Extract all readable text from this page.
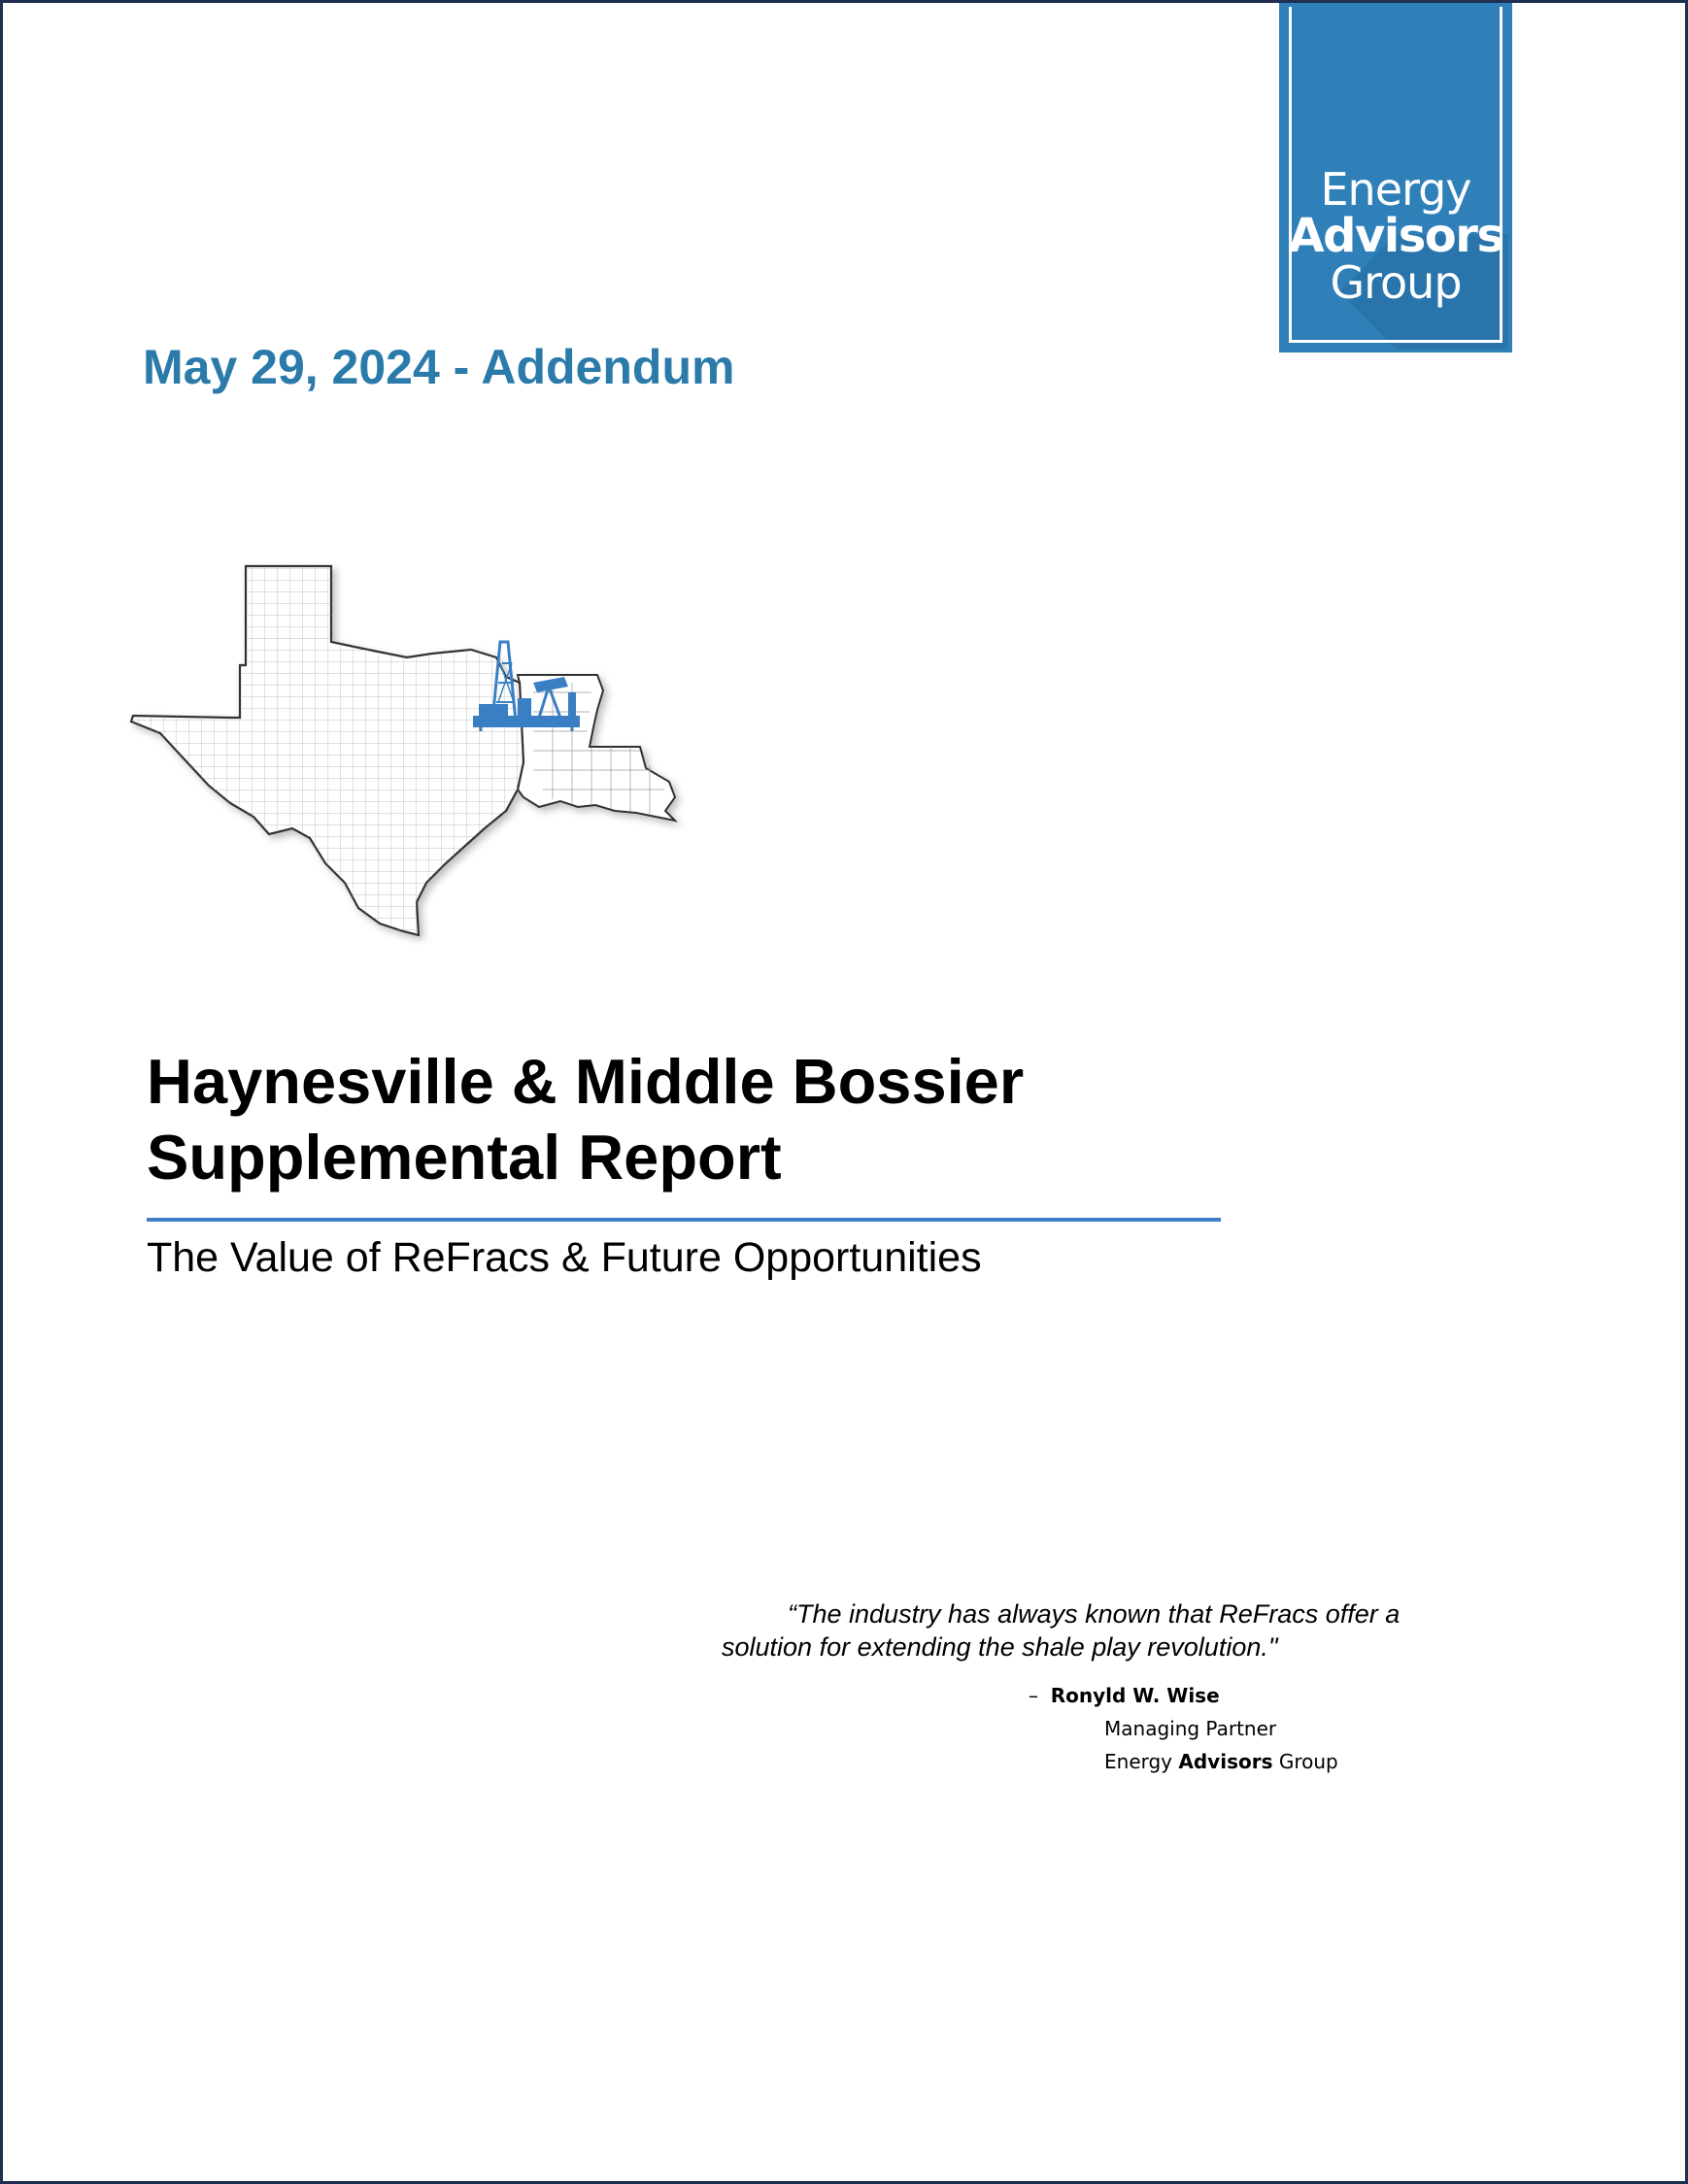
Energy
Advisors
Group
May 29, 2024 - Addendum
Haynesville & Middle Bossier
Supplemental Report
The Value of ReFracs & Future Opportunities
“The industry has always known that ReFracs offer a solution for extending the shale play revolution."
– Ronyld W. Wise
Managing Partner
Energy Advisors Group
